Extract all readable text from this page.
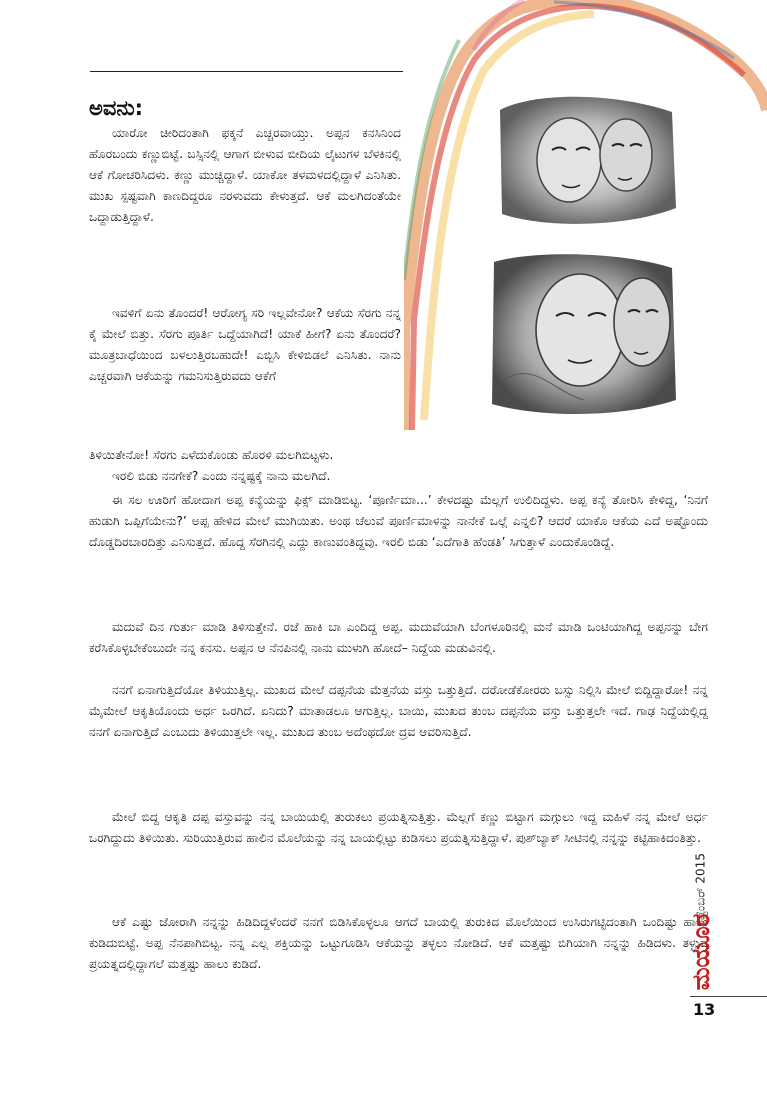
ಅವನು:

ಯಾರೋ ಚೀರಿದಂತಾಗಿ ಫಕ್ಕನೆ ಎಚ್ಚರವಾಯ್ತು. ಅಪ್ಪನ ಕನಸಿನಿಂದ ಹೊರಬಂದು ಕಣ್ಣುಬಿಟ್ಟೆ. ಬಸ್ಸಿನಲ್ಲಿ ಆಗಾಗ ಬೀಳುವ ಬೀದಿಯ ಲೈಟುಗಳ ಬೆಳಕಿನಲ್ಲಿ ಆಕೆ ಗೋಚರಿಸಿದಳು. ಕಣ್ಣು ಮುಚ್ಚಿದ್ದಾಳೆ. ಯಾಕೋ ತಳಮಳದಲ್ಲಿದ್ದಾಳೆ ಎನಿಸಿತು. ಮುಖ ಸ್ಪಷ್ಟವಾಗಿ ಕಾಣದಿದ್ದರೂ ನರಳುವದು ಕೇಳುತ್ತದೆ. ಆಕೆ ಮಲಗಿದಂತೆಯೇ ಒದ್ದಾಡುತ್ತಿದ್ದಾಳೆ.

ಇವಳಿಗೆ ಏನು ತೊಂದರೆ! ಆರೋಗ್ಯ ಸರಿ ಇಲ್ಲವೇನೋ? ಆಕೆಯ ಸೆರಗು ನನ್ನ ಕೈ ಮೇಲೆ ಬಿತ್ತು. ಸೆರಗು ಪೂರ್ತಿ ಒದ್ದೆಯಾಗಿದೆ! ಯಾಕೆ ಹೀಗೆ? ಏನು ತೊಂದರೆ? ಮೂತ್ರಬಾಧೆಯಿಂದ ಬಳಲುತ್ತಿರಬಹುದೇ! ಎಬ್ಬಿಸಿ ಕೇಳಿಬಿಡಲೆ ಎನಿಸಿತು. ನಾನು ಎಚ್ಚರವಾಗಿ ಆಕೆಯನ್ನು ಗಮನಿಸುತ್ತಿರುವದು ಆಕೆಗೆ

ತಿಳಿಯಿತೇನೋ! ಸೆರಗು ಎಳೆದುಕೊಂಡು ಹೊರಳಿ ಮಲಗಿಬಿಟ್ಟಳು.

ಇರಲಿ ಬಿಡು ನನಗೇಕೆ? ಎಂದು ನನ್ನಷ್ಟಕ್ಕೆ ನಾನು ಮಲಗಿದೆ.

ಈ ಸಲ ಊರಿಗೆ ಹೋದಾಗ ಅಪ್ಪ ಕನ್ಯೆಯನ್ನು ಫಿಕ್ಸ್ ಮಾಡಿಬಿಟ್ಟ. ‘ಪೂರ್ಣಿಮಾ...’ ಕೇಳದಷ್ಟು ಮೆಲ್ಲಗೆ ಉಲಿದಿದ್ದಳು. ಅಪ್ಪ ಕನ್ಯೆ ತೋರಿಸಿ ಕೇಳಿದ್ದ, ‘ನಿನಗೆ ಹುಡುಗಿ ಒಪ್ಪಿಗೆಯೇನು?’ ಅಪ್ಪ ಹೇಳಿದ ಮೇಲೆ ಮುಗಿಯಿತು. ಅಂಥ ಚೆಲುವೆ ಪೂರ್ಣಿಮಾಳನ್ನು ನಾನೇಕೆ ಒಲ್ಲೆ ಎನ್ನಲಿ? ಆದರೆ ಯಾಕೊ ಆಕೆಯ ಎದೆ ಅಷ್ಟೊಂದು ದೊಡ್ಡದಿರಬಾರದಿತ್ತು ಎನಿಸುತ್ತದೆ. ಹೊದ್ದ ಸೆರಗಿನಲ್ಲಿ ಎದ್ದು ಕಾಣುವಂತಿದ್ದವು. ಇರಲಿ ಬಿಡು ‘ಎದೆಗಾತಿ ಹೆಂಡತಿ’ ಸಿಗುತ್ತಾಳೆ ಎಂದುಕೊಂಡಿದ್ದೆ.

ಮದುವೆ ದಿನ ಗುರ್ತು ಮಾಡಿ ತಿಳಿಸುತ್ತೇನೆ. ರಜೆ ಹಾಕಿ ಬಾ ಎಂದಿದ್ದ ಅಪ್ಪ. ಮದುವೆಯಾಗಿ ಬೆಂಗಳೂರಿನಲ್ಲಿ ಮನೆ ಮಾಡಿ ಒಂಟಿಯಾಗಿದ್ದ ಅಪ್ಪನನ್ನು ಬೇಗ ಕರೆಸಿಕೊಳ್ಳಬೇಕೆಂಬುದೇ ನನ್ನ ಕನಸು. ಅಪ್ಪನ ಆ ನೆನಪಿನಲ್ಲಿ ನಾನು ಮುಳುಗಿ ಹೋದೆ– ನಿದ್ದೆಯ ಮಡುವಿನಲ್ಲಿ.

ನನಗೆ ಏನಾಗುತ್ತಿದೆಯೋ ತಿಳಿಯುತ್ತಿಲ್ಲ. ಮುಖದ ಮೇಲೆ ದಪ್ಪನೆಯ ಮೆತ್ತನೆಯ ವಸ್ತು ಒತ್ತುತ್ತಿದೆ. ದರೋಡೆಕೋರರು ಬಸ್ಸು ನಿಲ್ಲಿಸಿ ಮೇಲೆ ಬಿದ್ದಿದ್ದಾರೋ! ನನ್ನ ಮೈಮೇಲೆ ಆಕೃತಿಯೊಂದು ಅರ್ಧ ಒರಗಿದೆ. ಏನಿದು? ಮಾತಾಡಲೂ ಆಗುತ್ತಿಲ್ಲ. ಬಾಯಿ, ಮುಖದ ತುಂಬ ದಪ್ಪನೆಯ ವಸ್ತು ಒತ್ತುತ್ತಲೇ ಇದೆ. ಗಾಢ ನಿದ್ದೆಯಲ್ಲಿದ್ದ ನನಗೆ ಏನಾಗುತ್ತಿದೆ ಎಂಬುದು ತಿಳಿಯುತ್ತಲೇ ಇಲ್ಲ. ಮುಖದ ತುಂಬ ಅದೆಂಥದೋ ದ್ರವ ಆವರಿಸುತ್ತಿದೆ.

ಮೇಲೆ ಬಿದ್ದ ಆಕೃತಿ ದಪ್ಪ ವಸ್ತುವನ್ನು ನನ್ನ ಬಾಯಿಯಲ್ಲಿ ತುರುಕಲು ಪ್ರಯತ್ನಿಸುತ್ತಿತ್ತು. ಮೆಲ್ಲಗೆ ಕಣ್ಣು ಬಿಟ್ಟಾಗ ಮಗ್ಗುಲು ಇದ್ದ ಮಹಿಳೆ ನನ್ನ ಮೇಲೆ ಅರ್ಧ ಒರಗಿದ್ದುದು ತಿಳಿಯಿತು. ಸುರಿಯುತ್ತಿರುವ ಹಾಲಿನ ಮೊಲೆಯನ್ನು ನನ್ನ ಬಾಯಲ್ಲಿಟ್ಟು ಕುಡಿಸಲು ಪ್ರಯತ್ನಿಸುತ್ತಿದ್ದಾಳೆ. ಪುಶ್‌ಬ್ಯಾಕ್ ಸೀಟಿನಲ್ಲಿ ನನ್ನನ್ನು ಕಟ್ಟಿಹಾಕಿದಂತಿತ್ತು.

ಆಕೆ ಎಷ್ಟು ಜೋರಾಗಿ ನನ್ನನ್ನು ಹಿಡಿದಿದ್ದಳೆಂದರೆ ನನಗೆ ಬಿಡಿಸಿಕೊಳ್ಳಲೂ ಆಗದೆ ಬಾಯಲ್ಲಿ ತುರುಕಿದ ಮೊಲೆಯಿಂದ ಉಸಿರುಗಟ್ಟಿದಂತಾಗಿ ಒಂದಿಷ್ಟು ಹಾಲು ಕುಡಿದುಬಿಟ್ಟೆ. ಅಪ್ಪ ನೆನಪಾಗಿಬಿಟ್ಟ. ನನ್ನ ಎಲ್ಲ ಶಕ್ತಿಯನ್ನು ಒಟ್ಟುಗೂಡಿಸಿ ಆಕೆಯನ್ನು ತಳ್ಳಲು ನೋಡಿದೆ. ಆಕೆ ಮತ್ತಷ್ಟು ಬಿಗಿಯಾಗಿ ನನ್ನನ್ನು ಹಿಡಿದಳು. ತಳ್ಳುವ ಪ್ರಯತ್ನದಲ್ಲಿದ್ದಾಗಲೆ ಮತ್ತಷ್ಟು ಹಾಲು ಕುಡಿದೆ.

ಸೆಪ್ಟೆಂಬರ್ 2015
ಮಯೂರ
13
